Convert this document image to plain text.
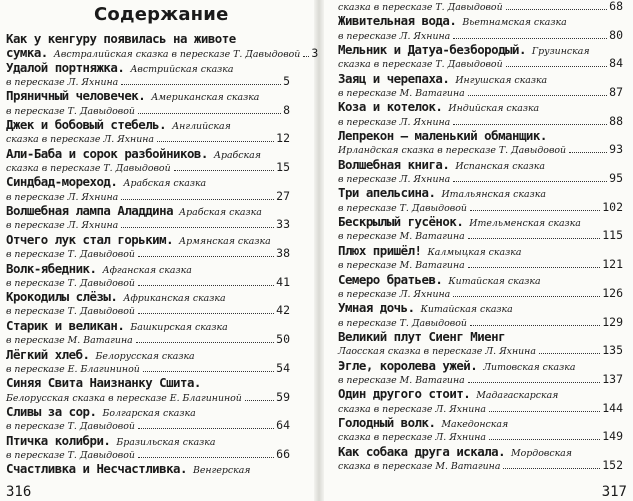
Содержание
Как у кенгуру появилась на животе
сумка. Австралийская сказка в пересказе Т. Давыдовой 3
Удалой портняжка. Австрийская сказка
в пересказе Л. Яхнина	5
Пряничный человечек. Американская сказка
в пересказе Т. Давыдовой	8
Джек и бобовый стебель. Английская
сказка в пересказе Л. Яхнина	12
Али-Баба и сорок разбойников. Арабская
сказка в пересказе Т. Давыдовой	15
Синдбад-мореход. Арабская сказка
в пересказе Л. Яхнина	27
Волшебная лампа Аладдина Арабская сказка
в пересказе Л. Яхнина	33
Отчего лук стал горьким. Армянская сказка
в пересказе Т. Давыдовой	38
Волк-ябедник. Афганская сказка
в пересказе Т. Давыдовой	41
Крокодилы слёзы. Африканская сказка
в пересказе Т. Давыдовой	42
Старик и великан. Башкирская сказка
в пересказе М. Ватагина	50
Лёгкий хлеб. Белорусская сказка
в пересказе Е. Благининой	54
Синяя Свита Наизнанку Сшита.
Белорусская сказка в пересказе Е. Благининой	59
Сливы за сор. Болгарская сказка
в пересказе Т. Давыдовой	64
Птичка колибри. Бразильская сказка
в пересказе Т. Давыдовой	66
Счастливка и Несчастливка. Венгерская
316
сказка в пересказе Т. Давыдовой	68
Живительная вода. Вьетнамская сказка
в пересказе Л. Яхнина	80
Мельник и Датуа-безбородый. Грузинская
сказка в пересказе Т. Давыдовой	84
Заяц и черепаха. Ингушская сказка
в пересказе М. Ватагина	87
Коза и котелок. Индийская сказка
в пересказе Л. Яхнина	88
Лепрекон – маленький обманщик.
Ирландская сказка в пересказе Т. Давыдовой	93
Волшебная книга. Испанская сказка
в пересказе Л. Яхнина	95
Три апельсина. Итальянская сказка
в пересказе Т. Давыдовой	102
Бескрылый гусёнок. Ительменская сказка
в пересказе М. Ватагина	115
Плюх пришёл! Калмыцкая сказка
в пересказе М. Ватагина	121
Семеро братьев. Китайская сказка
в пересказе Л. Яхнина	126
Умная дочь. Китайская сказка
в пересказе Т. Давыдовой	129
Великий плут Сиенг Миенг
Лаосская сказка в пересказе Л. Яхнина	135
Эгле, королева ужей. Литовская сказка
в пересказе М. Ватагина	137
Один другого стоит. Мадагаскарская
сказка в пересказе Л. Яхнина	144
Голодный волк. Македонская
сказка в пересказе Л. Яхнина	149
Как собака друга искала. Мордовская
сказка в пересказе М. Ватагина	152
317
